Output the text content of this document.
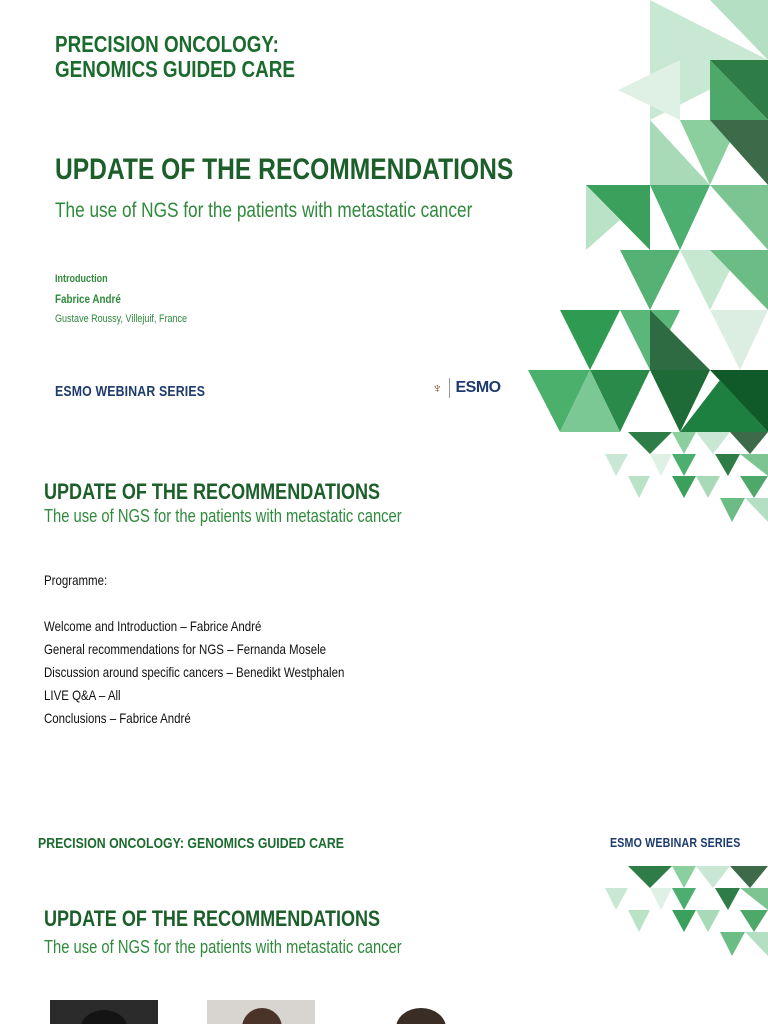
PRECISION ONCOLOGY:
GENOMICS GUIDED CARE
UPDATE OF THE RECOMMENDATIONS
The use of NGS for the patients with metastatic cancer
Introduction
Fabrice André
Gustave Roussy, Villejuif, France
ESMO WEBINAR SERIES	♆ ESMO
UPDATE OF THE RECOMMENDATIONS
The use of NGS for the patients with metastatic cancer
Programme:

Welcome and Introduction – Fabrice André
General recommendations for NGS – Fernanda Mosele
Discussion around specific cancers – Benedikt Westphalen
LIVE Q&A – All
Conclusions – Fabrice André
PRECISION ONCOLOGY: GENOMICS GUIDED CARE	ESMO WEBINAR SERIES
UPDATE OF THE RECOMMENDATIONS
The use of NGS for the patients with metastatic cancer
